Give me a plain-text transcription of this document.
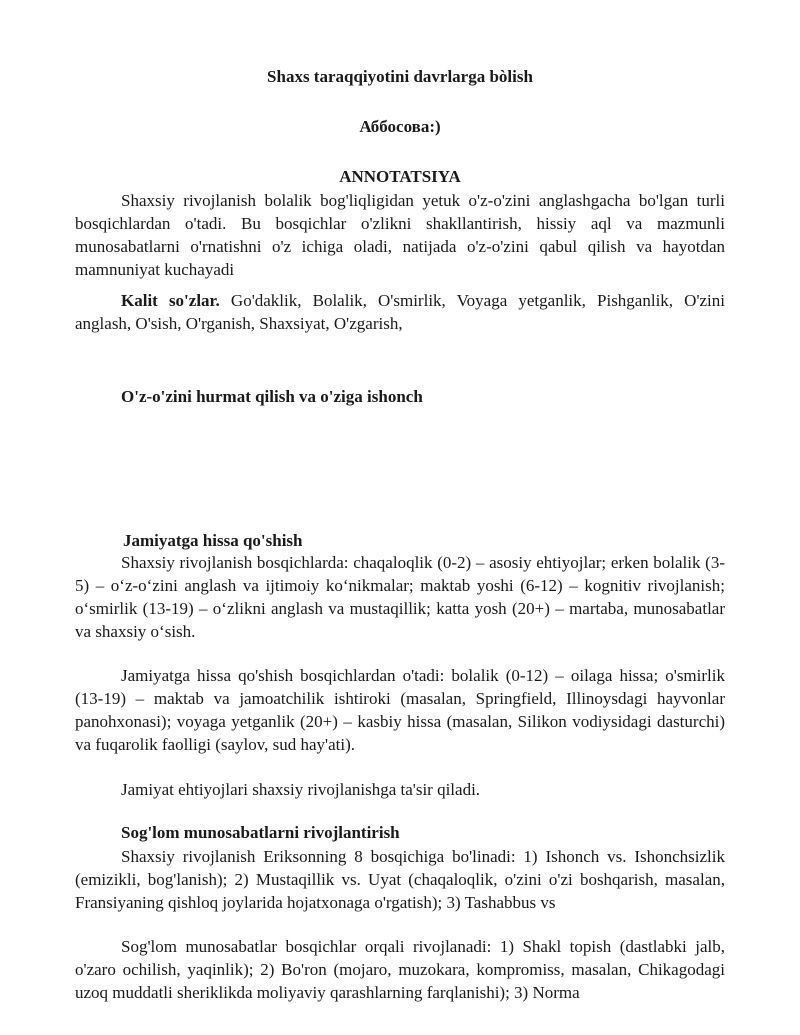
Shaxs taraqqiyotini davrlarga bòlish
Аббосова:)
ANNOTATSIYA

Shaxsiy rivojlanish bolalik bog'liqligidan yetuk o'z-o'zini anglashgacha bo'lgan turli bosqichlardan o'tadi. Bu bosqichlar o'zlikni shakllantirish, hissiy aql va mazmunli munosabatlarni o'rnatishni o'z ichiga oladi, natijada o'z-o'zini qabul qilish va hayotdan mamnuniyat kuchayadi

Kalit so'zlar. Go'daklik, Bolalik, O'smirlik, Voyaga yetganlik, Pishganlik, O'zini anglash, O'sish, O'rganish, Shaxsiyat, O'zgarish,

O'z-o'zini hurmat qilish va o'ziga ishonch
Jamiyatga hissa qo'shish

Shaxsiy rivojlanish bosqichlarda: chaqaloqlik (0-2) – asosiy ehtiyojlar; erken bolalik (3-5) – o‘z-o‘zini anglash va ijtimoiy ko‘nikmalar; maktab yoshi (6-12) – kognitiv rivojlanish; o‘smirlik (13-19) – o‘zlikni anglash va mustaqillik; katta yosh (20+) – martaba, munosabatlar va shaxsiy o‘sish.

Jamiyatga hissa qo'shish bosqichlardan o'tadi: bolalik (0-12) – oilaga hissa; o'smirlik (13-19) – maktab va jamoatchilik ishtiroki (masalan, Springfield, Illinoysdagi hayvonlar panohxonasi); voyaga yetganlik (20+) – kasbiy hissa (masalan, Silikon vodiysidagi dasturchi) va fuqarolik faolligi (saylov, sud hay'ati).

Jamiyat ehtiyojlari shaxsiy rivojlanishga ta'sir qiladi.

Sog'lom munosabatlarni rivojlantirish

Shaxsiy rivojlanish Eriksonning 8 bosqichiga bo'linadi: 1) Ishonch vs. Ishonchsizlik (emizikli, bog'lanish); 2) Mustaqillik vs. Uyat (chaqaloqlik, o'zini o'zi boshqarish, masalan, Fransiyaning qishloq joylarida hojatxonaga o'rgatish); 3) Tashabbus vs

Sog'lom munosabatlar bosqichlar orqali rivojlanadi: 1) Shakl topish (dastlabki jalb, o'zaro ochilish, yaqinlik); 2) Bo'ron (mojaro, muzokara, kompromiss, masalan, Chikagodagi uzoq muddatli sheriklikda moliyaviy qarashlarning farqlanishi); 3) Norma
